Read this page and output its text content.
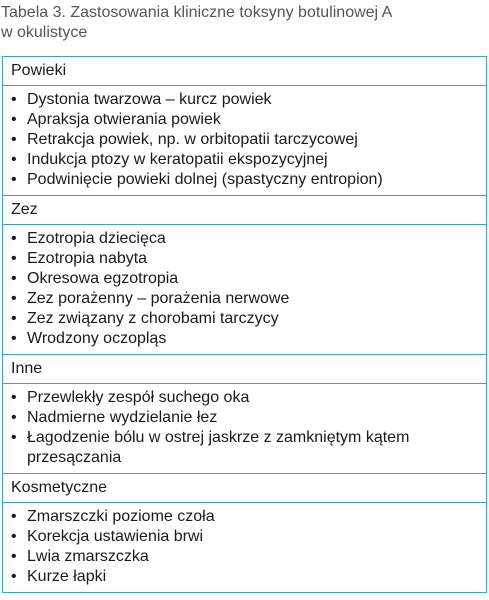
Tabela 3. Zastosowania kliniczne toksyny botulinowej A
w okulistyce
Powieki
• Dystonia twarzowa – kurcz powiek
• Apraksja otwierania powiek
• Retrakcja powiek, np. w orbitopatii tarczycowej
• Indukcja ptozy w keratopatii ekspozycyjnej
• Podwinięcie powieki dolnej (spastyczny entropion)
Zez
• Ezotropia dziecięca
• Ezotropia nabyta
• Okresowa egzotropia
• Zez porażenny – porażenia nerwowe
• Zez związany z chorobami tarczycy
• Wrodzony oczopląs
Inne
• Przewlekły zespół suchego oka
• Nadmierne wydzielanie łez
• Łagodzenie bólu w ostrej jaskrze z zamkniętym kątem przesączania
Kosmetyczne
• Zmarszczki poziome czoła
• Korekcja ustawienia brwi
• Lwia zmarszczka
• Kurze łapki
